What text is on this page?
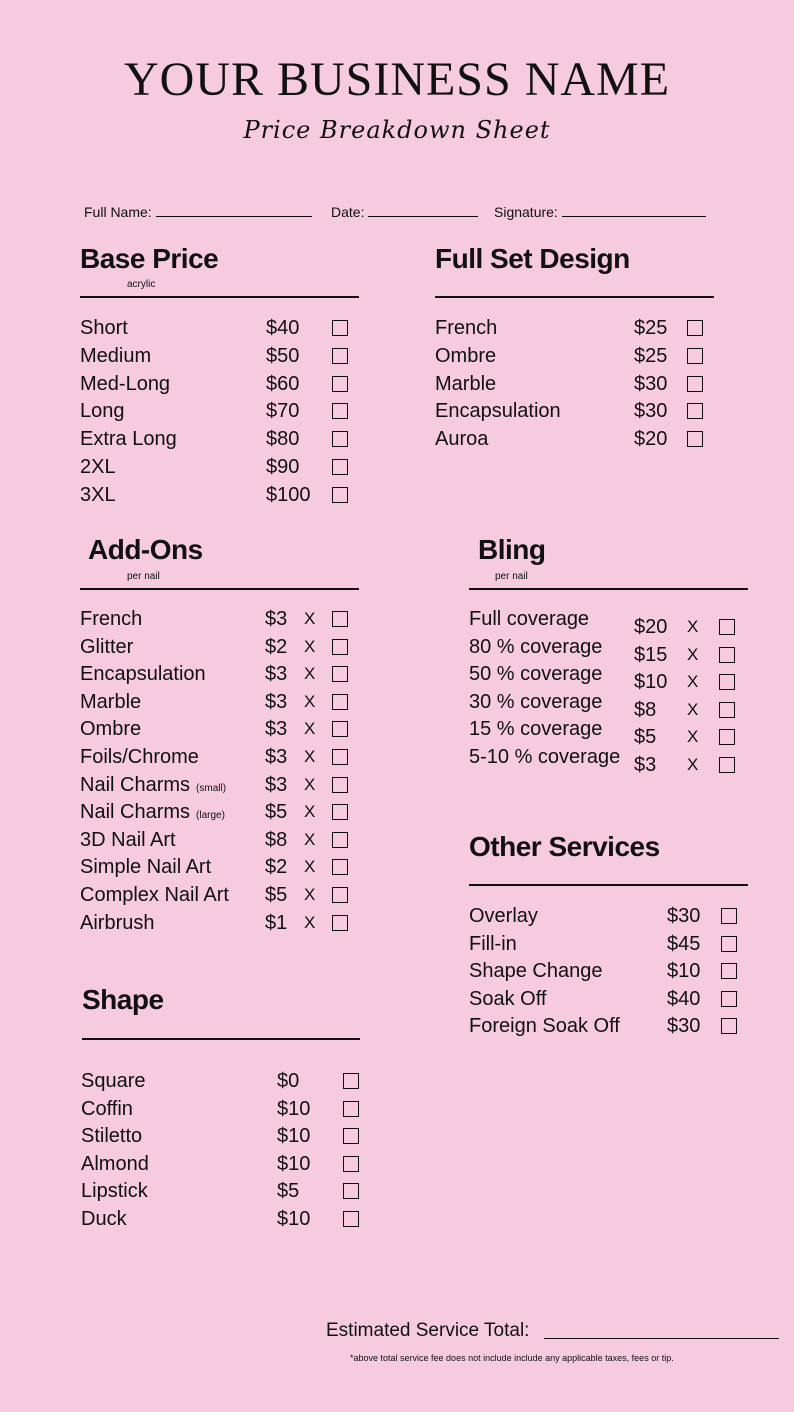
YOUR BUSINESS NAME
Price Breakdown Sheet
Full Name:	Date:	Signature:
Base Price
acrylic
Short	$40
Medium	$50
Med-Long	$60
Long	$70
Extra Long	$80
2XL	$90
3XL	$100
Full Set Design
French	$25
Ombre	$25
Marble	$30
Encapsulation	$30
Auroa	$20
Add-Ons
per nail
French	$3 X
Glitter	$2 X
Encapsulation	$3 X
Marble	$3 X
Ombre	$3 X
Foils/Chrome	$3 X
Nail Charms (small) $3 X
Nail Charms (large) $5 X
3D Nail Art	$8 X
Simple Nail Art	$2 X
Complex Nail Art $5 X
Airbrush	$1 X
Bling
per nail
Full coverage $20 X
80 % coverage $15 X
50 % coverage $10 X
30 % coverage $8 X
15 % coverage $5 X
5-10 % coverage $3 X
Other Services
Overlay	$30
Fill-in	$45
Shape Change	$10
Soak Off	$40
Foreign Soak Off $30
Shape
Square	$0
Coffin	$10
Stiletto	$10
Almond	$10
Lipstick	$5
Duck	$10
Estimated Service Total:
*above total service fee does not include include any applicable taxes, fees or tip.
